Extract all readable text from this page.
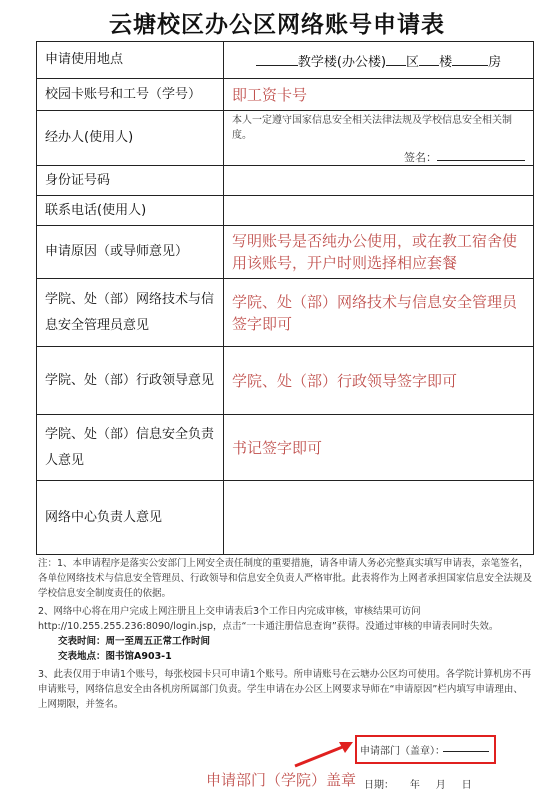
云塘校区办公区网络账号申请表
申请使用地点	教学楼(办公楼) 区 楼 房
校园卡账号和工号（学号）	即工资卡号
经办人(使用人)	本人一定遵守国家信息安全相关法律法规及学校信息安全相关制度。
签名：

身份证号码	
联系电话(使用人)	
申请原因（或导师意见）	写明账号是否纯办公使用，或在教工宿舍使用该账号，开户时则选择相应套餐

学院、处（部）网络技术与信息安全管理员意见	学院、处（部）网络技术与信息安全管理员签字即可

学院、处（部）行政领导意见	学院、处（部）行政领导签字即可

学院、处（部）信息安全负责人意见	书记签字即可

网络中心负责人意见	

注：1、本申请程序是落实公安部门上网安全责任制度的重要措施，请各申请人务必完整真实填写申请表，亲笔签名，各单位网络技术与信息安全管理员、行政领导和信息安全负责人严格审批。此表将作为上网者承担国家信息安全法规及学校信息安全制度责任的依据。

2、网络中心将在用户完成上网注册且上交申请表后3个工作日内完成审核，审核结果可访问http://10.255.255.236:8090/login.jsp，点击“一卡通注册信息查询”获得。没通过审核的申请表同时失效。

交表时间：周一至周五正常工作时间

交表地点：图书馆A903-1

3、此表仅用于申请1个账号，每张校园卡只可申请1个账号。所申请账号在云塘办公区均可使用。各学院计算机房不再申请账号，网络信息安全由各机房所属部门负责。学生申请在办公区上网要求导师在“申请原因”栏内填写申请理由、上网期限，并签名。

申请部门（盖章）：
申请部门（学院）盖章 日期：     年     月     日
